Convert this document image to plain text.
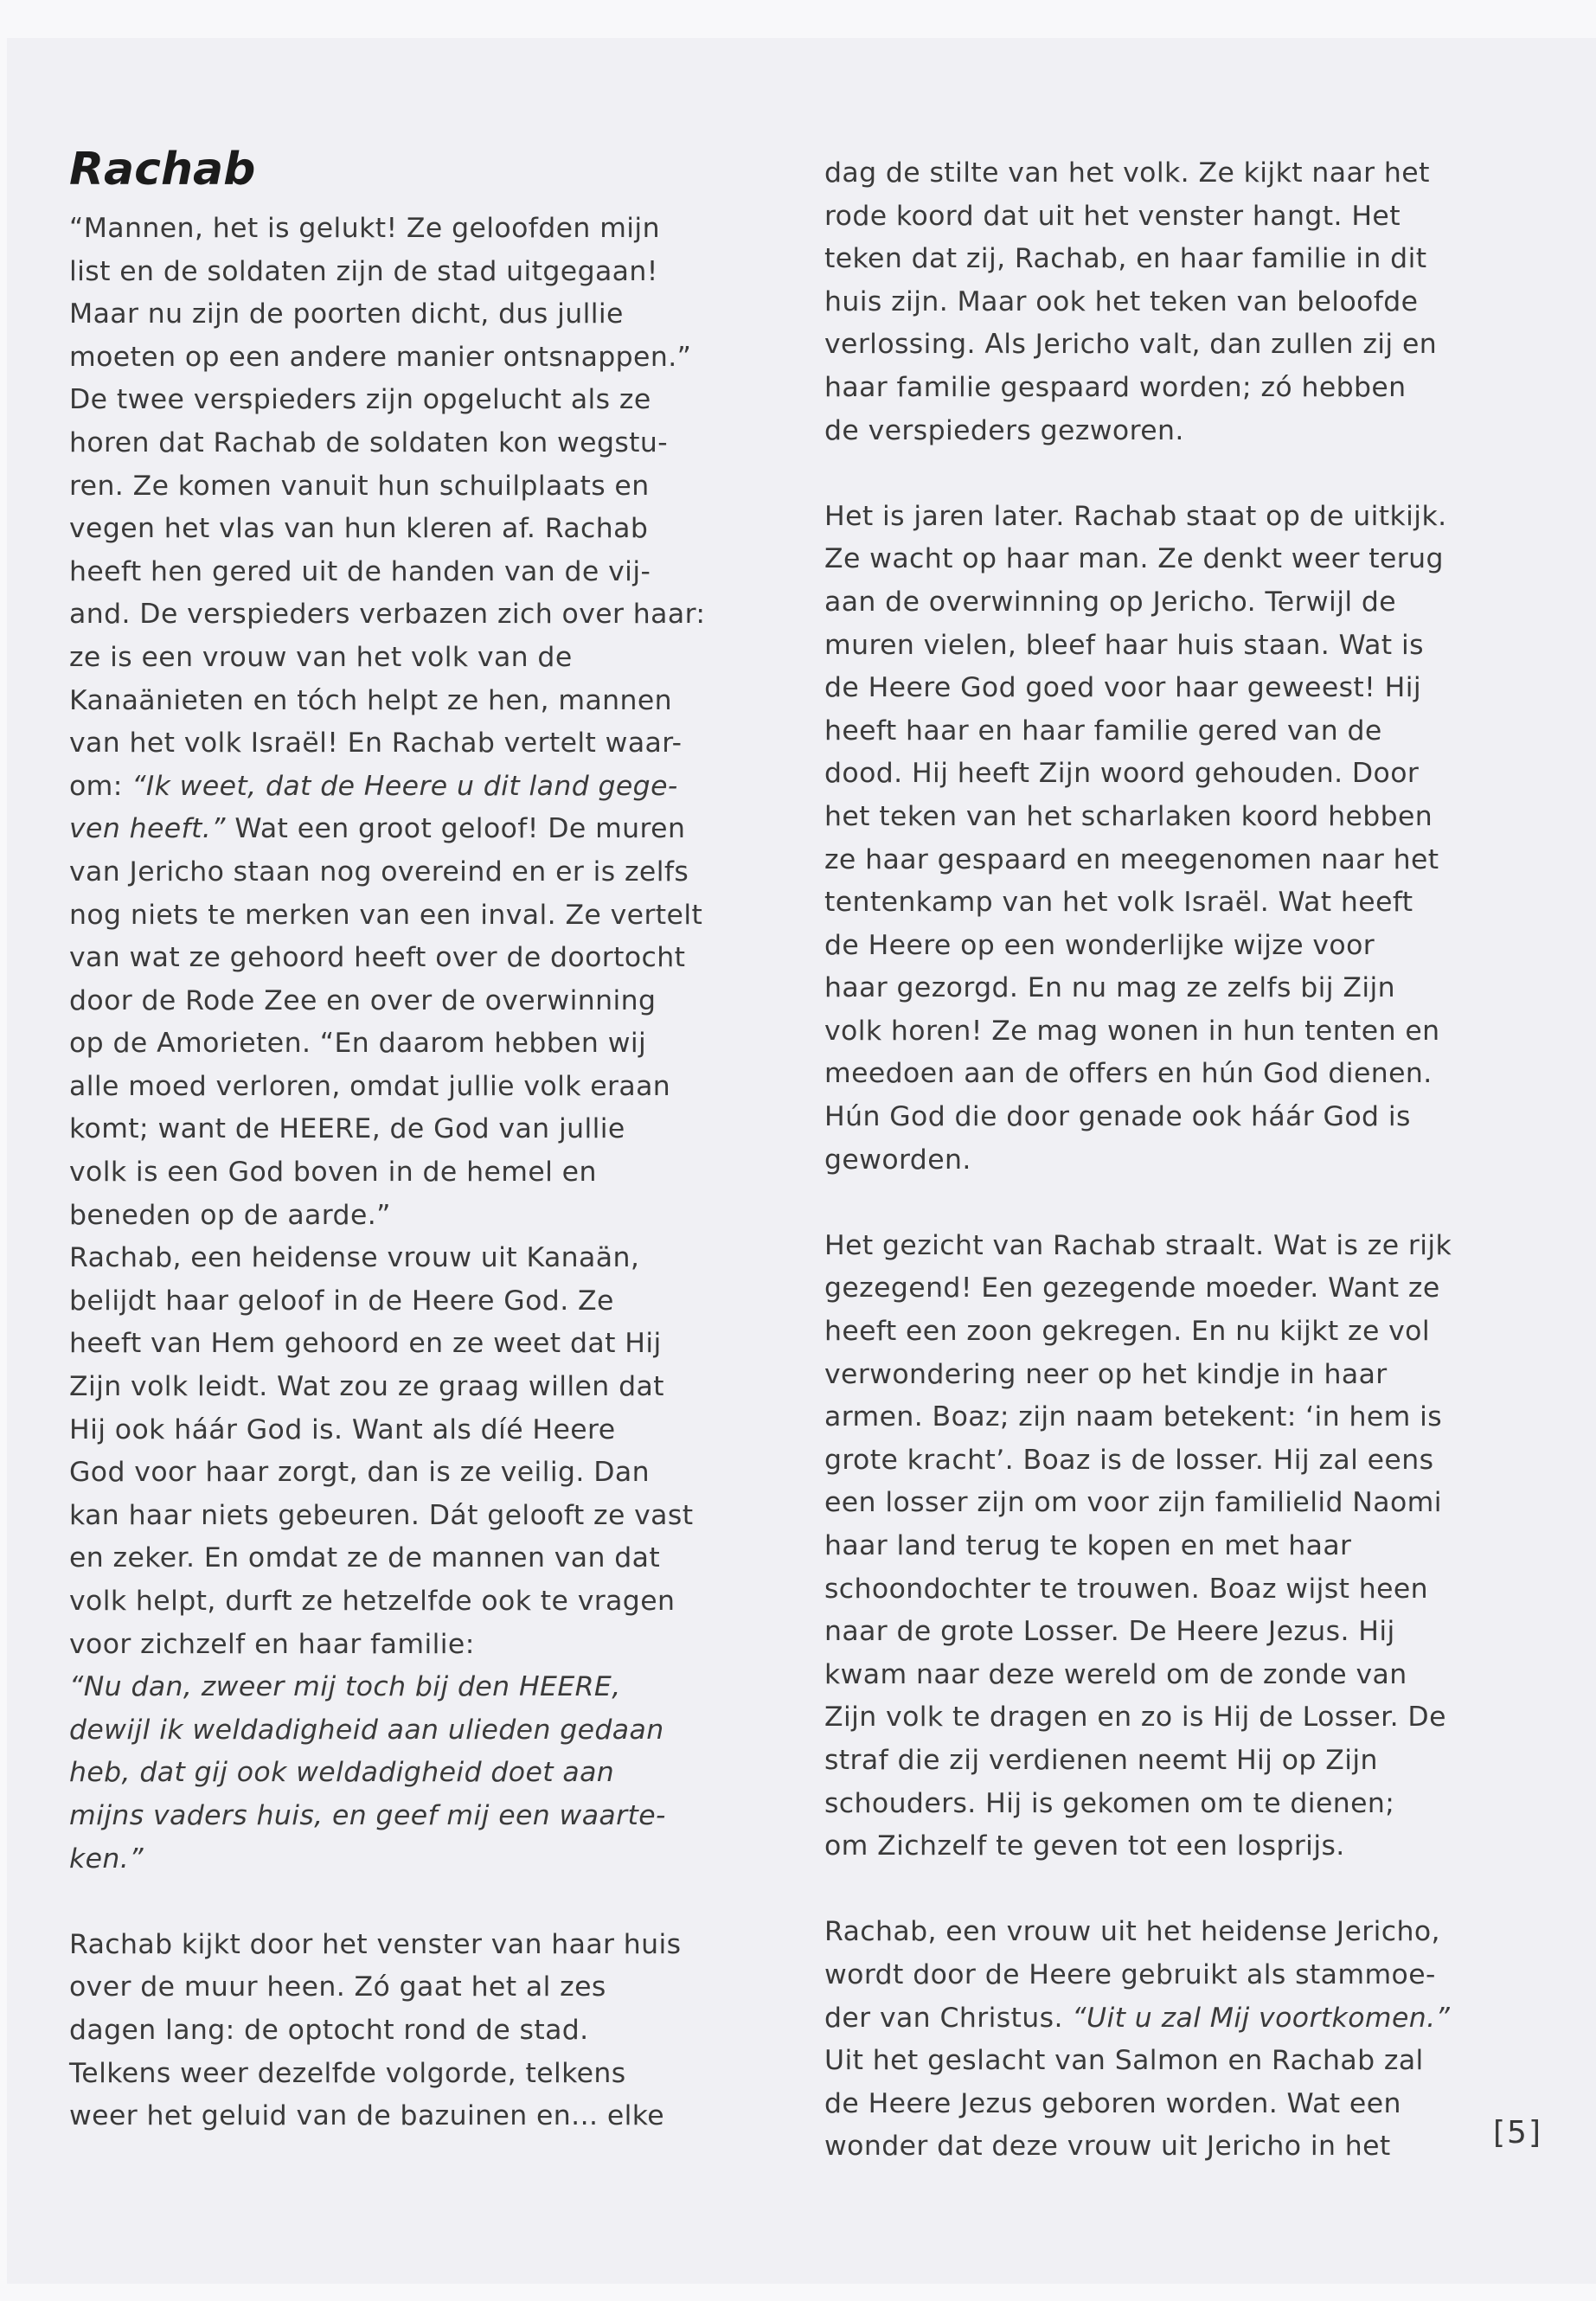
Rachab
“Mannen, het is gelukt! Ze geloofden mijn
list en de soldaten zijn de stad uitgegaan!
Maar nu zijn de poorten dicht, dus jullie
moeten op een andere manier ontsnappen.”
De twee verspieders zijn opgelucht als ze
horen dat Rachab de soldaten kon wegstu-
ren. Ze komen vanuit hun schuilplaats en
vegen het vlas van hun kleren af. Rachab
heeft hen gered uit de handen van de vij-
and. De verspieders verbazen zich over haar:
ze is een vrouw van het volk van de
Kanaänieten en tóch helpt ze hen, mannen
van het volk Israël! En Rachab vertelt waar-
om: “Ik weet, dat de Heere u dit land gege-
ven heeft.” Wat een groot geloof! De muren
van Jericho staan nog overeind en er is zelfs
nog niets te merken van een inval. Ze vertelt
van wat ze gehoord heeft over de doortocht
door de Rode Zee en over de overwinning
op de Amorieten. “En daarom hebben wij
alle moed verloren, omdat jullie volk eraan
komt; want de HEERE, de God van jullie
volk is een God boven in de hemel en
beneden op de aarde.”
Rachab, een heidense vrouw uit Kanaän,
belijdt haar geloof in de Heere God. Ze
heeft van Hem gehoord en ze weet dat Hij
Zijn volk leidt. Wat zou ze graag willen dat
Hij ook háár God is. Want als díé Heere
God voor haar zorgt, dan is ze veilig. Dan
kan haar niets gebeuren. Dát gelooft ze vast
en zeker. En omdat ze de mannen van dat
volk helpt, durft ze hetzelfde ook te vragen
voor zichzelf en haar familie:
“Nu dan, zweer mij toch bij den HEERE,
dewijl ik weldadigheid aan ulieden gedaan
heb, dat gij ook weldadigheid doet aan
mijns vaders huis, en geef mij een waarte-
ken.”
Rachab kijkt door het venster van haar huis
over de muur heen. Zó gaat het al zes
dagen lang: de optocht rond de stad.
Telkens weer dezelfde volgorde, telkens
weer het geluid van de bazuinen en... elke
dag de stilte van het volk. Ze kijkt naar het
rode koord dat uit het venster hangt. Het
teken dat zij, Rachab, en haar familie in dit
huis zijn. Maar ook het teken van beloofde
verlossing. Als Jericho valt, dan zullen zij en
haar familie gespaard worden; zó hebben
de verspieders gezworen.
Het is jaren later. Rachab staat op de uitkijk.
Ze wacht op haar man. Ze denkt weer terug
aan de overwinning op Jericho. Terwijl de
muren vielen, bleef haar huis staan. Wat is
de Heere God goed voor haar geweest! Hij
heeft haar en haar familie gered van de
dood. Hij heeft Zijn woord gehouden. Door
het teken van het scharlaken koord hebben
ze haar gespaard en meegenomen naar het
tentenkamp van het volk Israël. Wat heeft
de Heere op een wonderlijke wijze voor
haar gezorgd. En nu mag ze zelfs bij Zijn
volk horen! Ze mag wonen in hun tenten en
meedoen aan de offers en hún God dienen.
Hún God die door genade ook háár God is
geworden.
Het gezicht van Rachab straalt. Wat is ze rijk
gezegend! Een gezegende moeder. Want ze
heeft een zoon gekregen. En nu kijkt ze vol
verwondering neer op het kindje in haar
armen. Boaz; zijn naam betekent: ‘in hem is
grote kracht’. Boaz is de losser. Hij zal eens
een losser zijn om voor zijn familielid Naomi
haar land terug te kopen en met haar
schoondochter te trouwen. Boaz wijst heen
naar de grote Losser. De Heere Jezus. Hij
kwam naar deze wereld om de zonde van
Zijn volk te dragen en zo is Hij de Losser. De
straf die zij verdienen neemt Hij op Zijn
schouders. Hij is gekomen om te dienen;
om Zichzelf te geven tot een losprijs.
Rachab, een vrouw uit het heidense Jericho,
wordt door de Heere gebruikt als stammoe-
der van Christus. “Uit u zal Mij voortkomen.”
Uit het geslacht van Salmon en Rachab zal
de Heere Jezus geboren worden. Wat een
wonder dat deze vrouw uit Jericho in het	[5]
